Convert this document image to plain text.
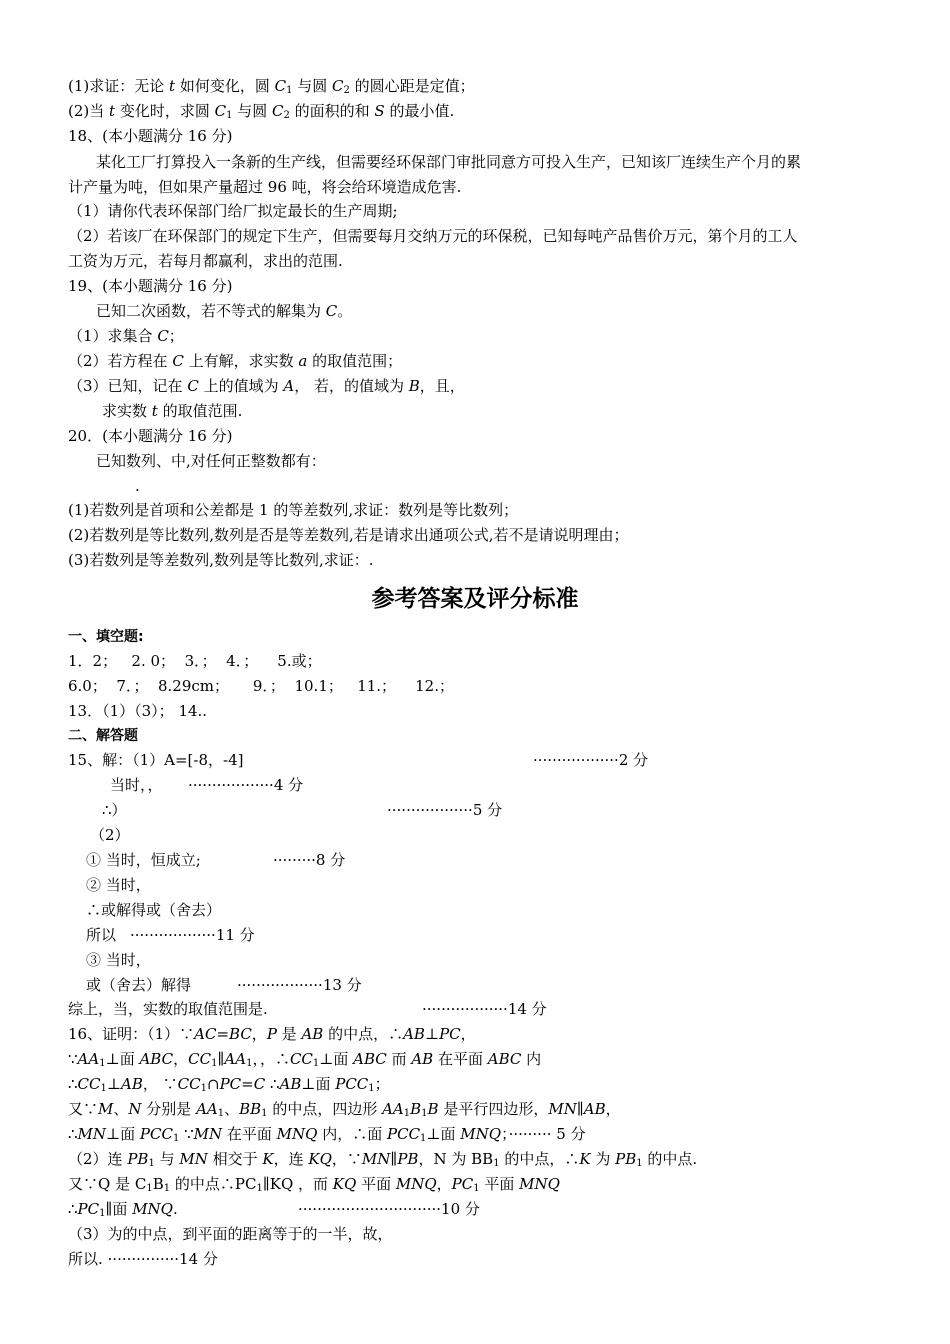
(1)求证：无论 t 如何变化，圆 $C_1$ 与圆 $C_2$ 的圆心距是定值；
(2)当 t 变化时，求圆 $C_1$ 与圆 $C_2$ 的面积的和 S 的最小值.
18、(本小题满分 16 分)
某化工厂打算投入一条新的生产线，但需要经环保部门审批同意方可投入生产，已知该厂连续生产个月的累
计产量为吨，但如果产量超过 96 吨，将会给环境造成危害.
（1）请你代表环保部门给厂拟定最长的生产周期;
（2）若该厂在环保部门的规定下生产，但需要每月交纳万元的环保税，已知每吨产品售价万元，第个月的工人
工资为万元，若每月都赢利，求出的范围.
19、(本小题满分 16 分)
已知二次函数，若不等式的解集为 C。
（1）求集合 C；
（2）若方程在 C 上有解，求实数 a 的取值范围；
（3）已知，记在 C 上的值域为 A， 若，的值域为 B，且，
求实数 t 的取值范围.
20．(本小题满分 16 分)
已知数列、中,对任何正整数都有：
.
(1)若数列是首项和公差都是 1 的等差数列,求证：数列是等比数列；
(2)若数列是等比数列,数列是否是等差数列,若是请求出通项公式,若不是请说明理由；
(3)若数列是等差数列,数列是等比数列,求证：.
参考答案及评分标准
一、填空题:
1．2； 2. 0； 3．； 4．； 5.或；
6.0； 7．； 8.29cm； 9．； 10.1； 11.； 12.；
13．（1）（3）； 14..
二、解答题
15、解：（1）A=[-8，-4]	··················2 分
当时，， ··················4 分
∴）	··················5 分
（2）
① 当时，恒成立;	·········8 分
② 当时，
∴或解得或（舍去）
所以 ··················11 分
③ 当时，
或（舍去）解得	··················13 分
综上，当，实数的取值范围是.	··················14 分
16、证明：（1）∵AC=BC，P 是 AB 的中点，∴AB⊥PC，
$\because AA_1\perp$面 ABC，$CC_1\parallel AA_1$，，$\therefore CC_1\perp$面 ABC 而 AB 在平面 ABC 内
$\therefore CC_1\perp AB$， $\because CC_1\cap PC=C$ ∴AB⊥面 $PCC_1$；
又∵M、N 分别是 $AA_1$、$BB_1$ 的中点，四边形 $AA_1B_1B$ 是平行四边形，MN∥AB，
∴MN⊥面 $PCC_1$ ∵MN 在平面 MNQ 内，∴面 $PCC_1\perp$面 MNQ；········· 5 分
（2）连 $PB_1$ 与 MN 相交于 K，连 KQ，∵MN∥PB，N 为 $BB_1$ 的中点，∴K 为 $PB_1$ 的中点.
又∵Q 是 $C_1B_1$ 的中点$\therefore PC_1\parallel KQ$ ，而 KQ 平面 MNQ，$PC_1$ 平面 MNQ
$\therefore PC_1\parallel$面 MNQ.	······························10 分
（3）为的中点，到平面的距离等于的一半，故，
所以. ···············14 分
